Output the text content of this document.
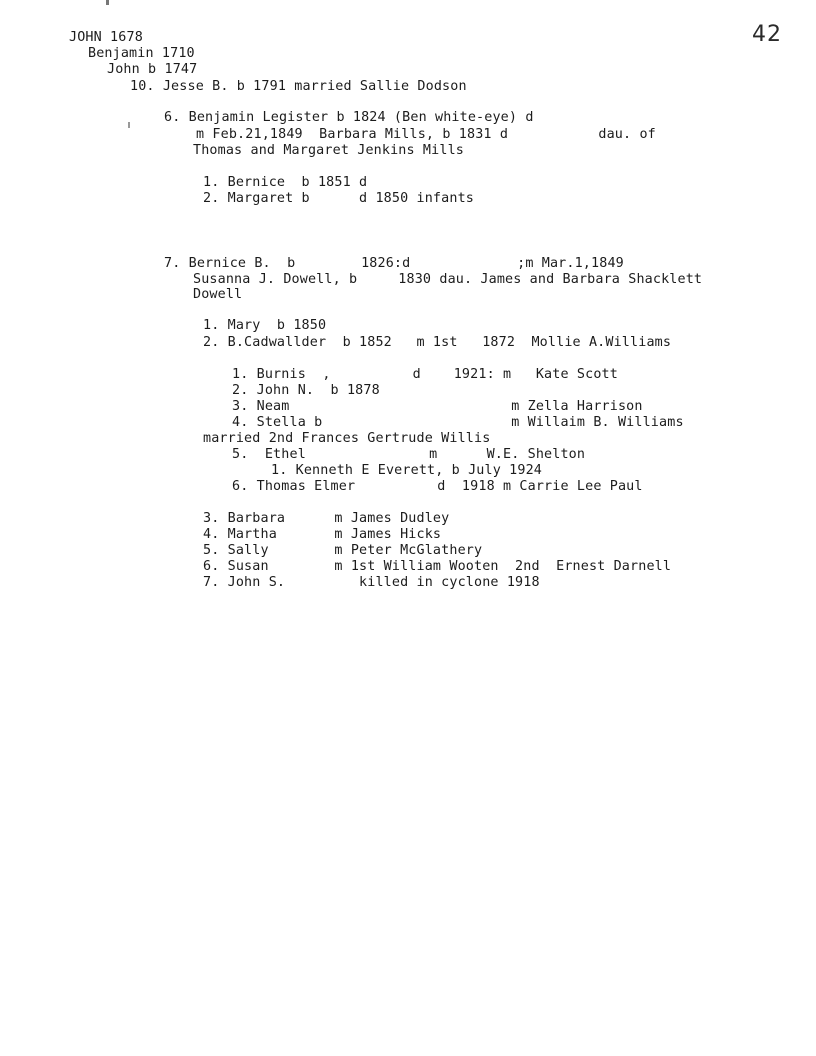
42
JOHN 1678
Benjamin 1710
John b 1747
10. Jesse B. b 1791 married Sallie Dodson
6. Benjamin Legister b 1824 (Ben white-eye) d
m Feb.21,1849  Barbara Mills, b 1831 d           dau. of
Thomas and Margaret Jenkins Mills
1. Bernice  b 1851 d
2. Margaret b      d 1850 infants
7. Bernice B.  b        1826:d             ;m Mar.1,1849
Susanna J. Dowell, b     1830 dau. James and Barbara Shacklett
Dowell
1. Mary  b 1850
2. B.Cadwallder  b 1852   m 1st   1872  Mollie A.Williams
1. Burnis  ,          d    1921: m   Kate Scott
2. John N.  b 1878
3. Neam                           m Zella Harrison
4. Stella b                       m Willaim B. Williams
married 2nd Frances Gertrude Willis
5.  Ethel               m      W.E. Shelton
1. Kenneth E Everett, b July 1924
6. Thomas Elmer          d  1918 m Carrie Lee Paul
3. Barbara      m James Dudley
4. Martha       m James Hicks
5. Sally        m Peter McGlathery
6. Susan        m 1st William Wooten  2nd  Ernest Darnell
7. John S.         killed in cyclone 1918
